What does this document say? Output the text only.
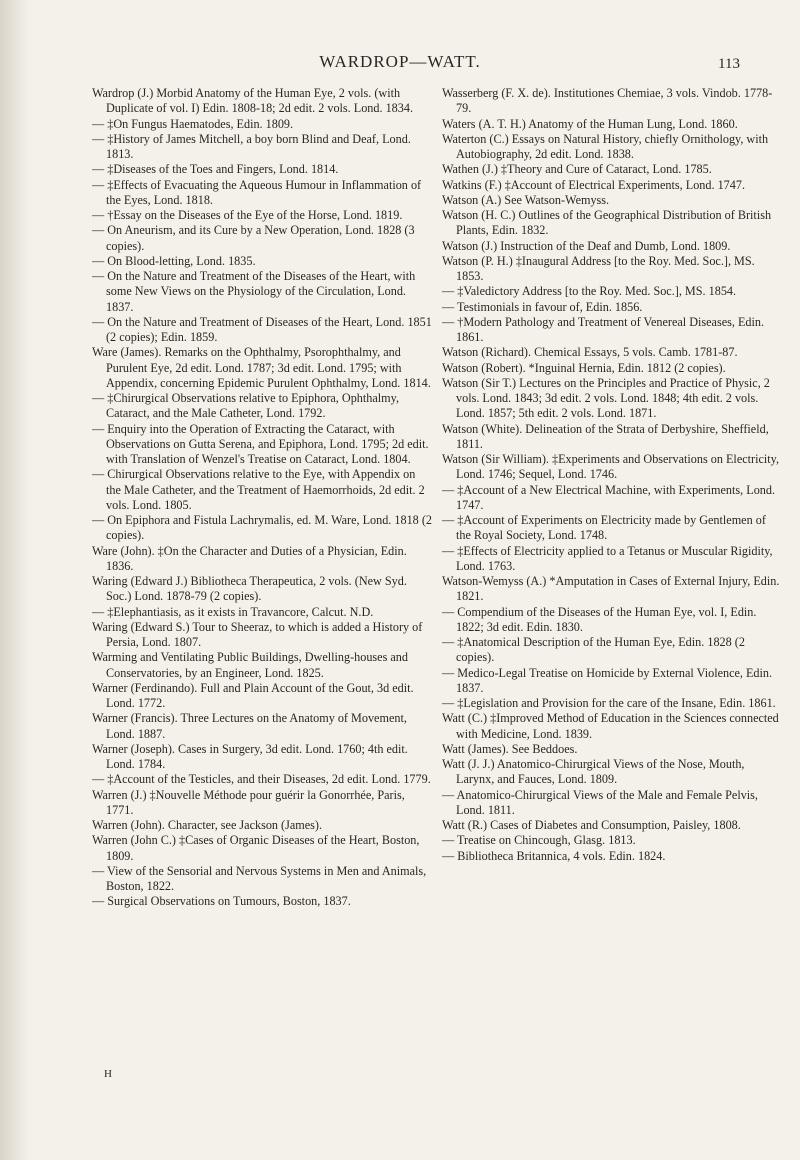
WARDROP—WATT.	113

Wardrop (J.) Morbid Anatomy of the Human Eye, 2 vols. (with Duplicate of vol. I) Edin. 1808-18; 2d edit. 2 vols. Lond. 1834.

— ‡On Fungus Haematodes, Edin. 1809.

— ‡History of James Mitchell, a boy born Blind and Deaf, Lond. 1813.

— ‡Diseases of the Toes and Fingers, Lond. 1814.

— ‡Effects of Evacuating the Aqueous Humour in Inflammation of the Eyes, Lond. 1818.

— †Essay on the Diseases of the Eye of the Horse, Lond. 1819.

— On Aneurism, and its Cure by a New Operation, Lond. 1828 (3 copies).

— On Blood-letting, Lond. 1835.

— On the Nature and Treatment of the Diseases of the Heart, with some New Views on the Physiology of the Circulation, Lond. 1837.

— On the Nature and Treatment of Diseases of the Heart, Lond. 1851 (2 copies); Edin. 1859.

Ware (James). Remarks on the Ophthalmy, Psorophthalmy, and Purulent Eye, 2d edit. Lond. 1787; 3d edit. Lond. 1795; with Appendix, concerning Epidemic Purulent Ophthalmy, Lond. 1814.

— ‡Chirurgical Observations relative to Epiphora, Ophthalmy, Cataract, and the Male Catheter, Lond. 1792.

— Enquiry into the Operation of Extracting the Cataract, with Observations on Gutta Serena, and Epiphora, Lond. 1795; 2d edit. with Translation of Wenzel's Treatise on Cataract, Lond. 1804.

— Chirurgical Observations relative to the Eye, with Appendix on the Male Catheter, and the Treatment of Haemorrhoids, 2d edit. 2 vols. Lond. 1805.

— On Epiphora and Fistula Lachrymalis, ed. M. Ware, Lond. 1818 (2 copies).

Ware (John). ‡On the Character and Duties of a Physician, Edin. 1836.

Waring (Edward J.) Bibliotheca Therapeutica, 2 vols. (New Syd. Soc.) Lond. 1878-79 (2 copies).

— ‡Elephantiasis, as it exists in Travancore, Calcut. N.D.

Waring (Edward S.) Tour to Sheeraz, to which is added a History of Persia, Lond. 1807.

Warming and Ventilating Public Buildings, Dwelling-houses and Conservatories, by an Engineer, Lond. 1825.

Warner (Ferdinando). Full and Plain Account of the Gout, 3d edit. Lond. 1772.

Warner (Francis). Three Lectures on the Anatomy of Movement, Lond. 1887.

Warner (Joseph). Cases in Surgery, 3d edit. Lond. 1760; 4th edit. Lond. 1784.

— ‡Account of the Testicles, and their Diseases, 2d edit. Lond. 1779.

Warren (J.) ‡Nouvelle Méthode pour guérir la Gonorrhée, Paris, 1771.

Warren (John). Character, see Jackson (James).

Warren (John C.) ‡Cases of Organic Diseases of the Heart, Boston, 1809.

— View of the Sensorial and Nervous Systems in Men and Animals, Boston, 1822.

— Surgical Observations on Tumours, Boston, 1837.

Wasserberg (F. X. de). Institutiones Chemiae, 3 vols. Vindob. 1778-79.

Waters (A. T. H.) Anatomy of the Human Lung, Lond. 1860.

Waterton (C.) Essays on Natural History, chiefly Ornithology, with Autobiography, 2d edit. Lond. 1838.

Wathen (J.) ‡Theory and Cure of Cataract, Lond. 1785.

Watkins (F.) ‡Account of Electrical Experiments, Lond. 1747.

Watson (A.) See Watson-Wemyss.

Watson (H. C.) Outlines of the Geographical Distribution of British Plants, Edin. 1832.

Watson (J.) Instruction of the Deaf and Dumb, Lond. 1809.

Watson (P. H.) ‡Inaugural Address [to the Roy. Med. Soc.], MS. 1853.

— ‡Valedictory Address [to the Roy. Med. Soc.], MS. 1854.

— Testimonials in favour of, Edin. 1856.

— †Modern Pathology and Treatment of Venereal Diseases, Edin. 1861.

Watson (Richard). Chemical Essays, 5 vols. Camb. 1781-87.

Watson (Robert). *Inguinal Hernia, Edin. 1812 (2 copies).

Watson (Sir T.) Lectures on the Principles and Practice of Physic, 2 vols. Lond. 1843; 3d edit. 2 vols. Lond. 1848; 4th edit. 2 vols. Lond. 1857; 5th edit. 2 vols. Lond. 1871.

Watson (White). Delineation of the Strata of Derbyshire, Sheffield, 1811.

Watson (Sir William). ‡Experiments and Observations on Electricity, Lond. 1746; Sequel, Lond. 1746.

— ‡Account of a New Electrical Machine, with Experiments, Lond. 1747.

— ‡Account of Experiments on Electricity made by Gentlemen of the Royal Society, Lond. 1748.

— ‡Effects of Electricity applied to a Tetanus or Muscular Rigidity, Lond. 1763.

Watson-Wemyss (A.) *Amputation in Cases of External Injury, Edin. 1821.

— Compendium of the Diseases of the Human Eye, vol. I, Edin. 1822; 3d edit. Edin. 1830.

— ‡Anatomical Description of the Human Eye, Edin. 1828 (2 copies).

— Medico-Legal Treatise on Homicide by External Violence, Edin. 1837.

— ‡Legislation and Provision for the care of the Insane, Edin. 1861.

Watt (C.) ‡Improved Method of Education in the Sciences connected with Medicine, Lond. 1839.

Watt (James). See Beddoes.

Watt (J. J.) Anatomico-Chirurgical Views of the Nose, Mouth, Larynx, and Fauces, Lond. 1809.

— Anatomico-Chirurgical Views of the Male and Female Pelvis, Lond. 1811.

Watt (R.) Cases of Diabetes and Consumption, Paisley, 1808.

— Treatise on Chincough, Glasg. 1813.

— Bibliotheca Britannica, 4 vols. Edin. 1824.

H
